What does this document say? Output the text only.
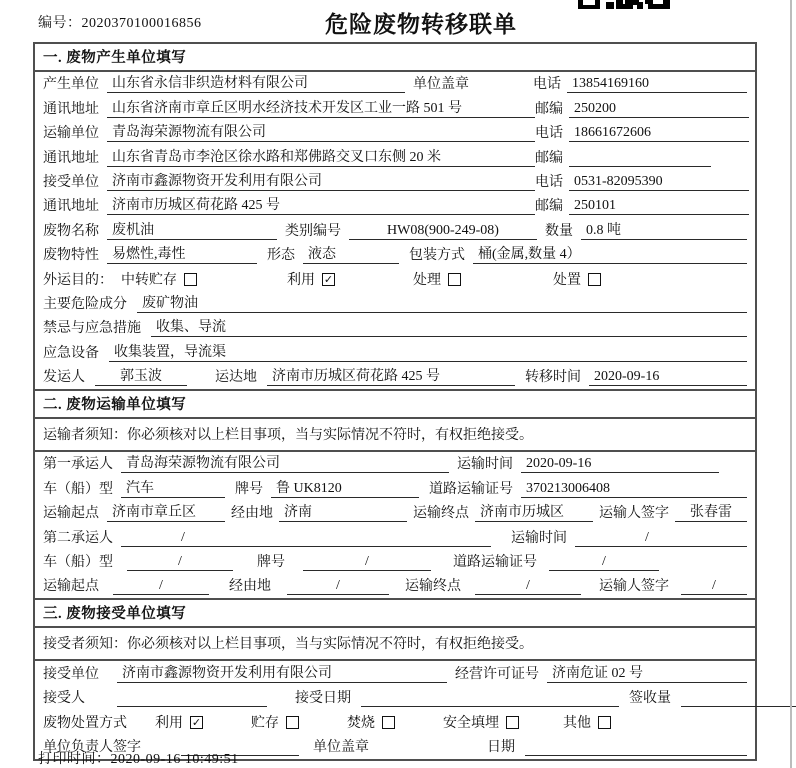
编号：2020370100016856	危险废物转移联单
一. 废物产生单位填写
产生单位 山东省永信非织造材料有限公司	单位盖章	电话 13854169160
通讯地址 山东省济南市章丘区明水经济技术开发区工业一路 501 号	邮编 250200
运输单位 青岛海荣源物流有限公司	电话 18661672606
通讯地址 山东省青岛市李沧区徐水路和郑佛路交叉口东侧 20 米	邮编
接受单位 济南市鑫源物资开发利用有限公司	电话 0531-82095390
通讯地址 济南市历城区荷花路 425 号	邮编 250101
废物名称 废机油	类别编号	HW08(900-249-08)	数量 0.8 吨
废物特性 易燃性,毒性	形态 液态	包装方式 桶(金属,数量 4）
外运目的： 中转贮存	利用 ✓	处理	处置
主要危险成分	废矿物油
禁忌与应急措施	收集、导流
应急设备	收集装置，导流渠
发运人	郭玉波	运达地	济南市历城区荷花路 425 号	转移时间 2020-09-16
二. 废物运输单位填写
运输者须知：你必须核对以上栏目事项，当与实际情况不符时，有权拒绝接受。
第一承运人 青岛海荣源物流有限公司	运输时间 2020-09-16
车（船）型 汽车	牌号 鲁 UK8120	道路运输证号 370213006408
运输起点 济南市章丘区	经由地 济南	运输终点 济南市历城区	运输人签字	张春雷
第二承运人	/	运输时间	/
车（船）型	/	牌号	/	道路运输证号	/
运输起点	/	经由地	/	运输终点	/	运输人签字	/
三. 废物接受单位填写
接受者须知：你必须核对以上栏目事项，当与实际情况不符时，有权拒绝接受。
接受单位	济南市鑫源物资开发利用有限公司	经营许可证号 济南危证 02 号
接受人	接受日期	签收量
废物处置方式 利用 ✓	贮存	焚烧	安全填埋	其他
单位负责人签字	单位盖章	日期
打印时间：2020-09-16 10:49:51
